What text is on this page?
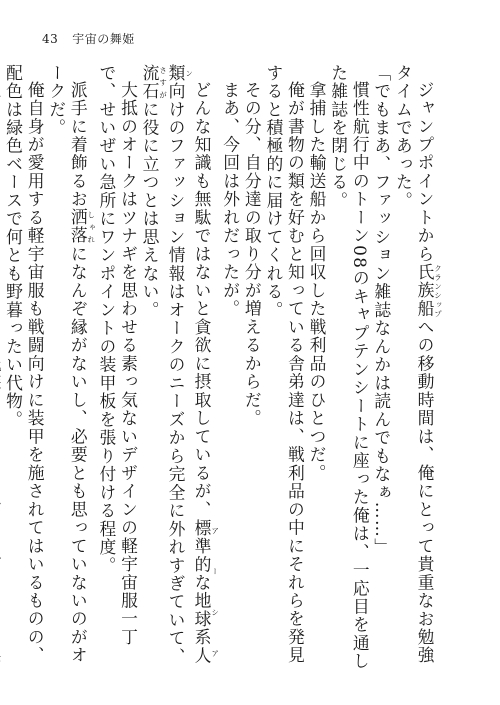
43 宇宙の舞姫

ジャンプポイントから氏族船クランシップへの移動時間は、俺にとって貴重なお勉強タイムであった。

「でもまあ、ファッション雑誌なんかは読んでもなぁ……」

慣性航行中のトーン08のキャプテンシートに座った俺は、一応目を通した雑誌を閉じる。

拿捕した輸送船から回収した戦利品のひとつだ。

俺が書物の類を好むと知っている舎弟達は、戦利品の中にそれらを発見すると積極的に届けてくれる。

その分、自分達の取り分が増えるからだ。

まあ、今回は外れだったが。

どんな知識も無駄ではないと貪欲に摂取しているが、標準的な地球系人類アーシアン向けのファッション情報はオークのニーズから完全に外れすぎていて、流石さすがに役に立つとは思えない。

大抵のオークはツナギを思わせる素っ気ないデザインの軽宇宙服一丁で、せいぜい急所にワンポイントの装甲板を張り付ける程度。

派手に着飾るお洒落しゃれになんぞ縁がないし、必要とも思っていないのがオークだ。

俺自身が愛用する軽宇宙服も戦闘向けに装甲を施されてはいるものの、配色は緑色ベースで何とも野暮ったい代物。
